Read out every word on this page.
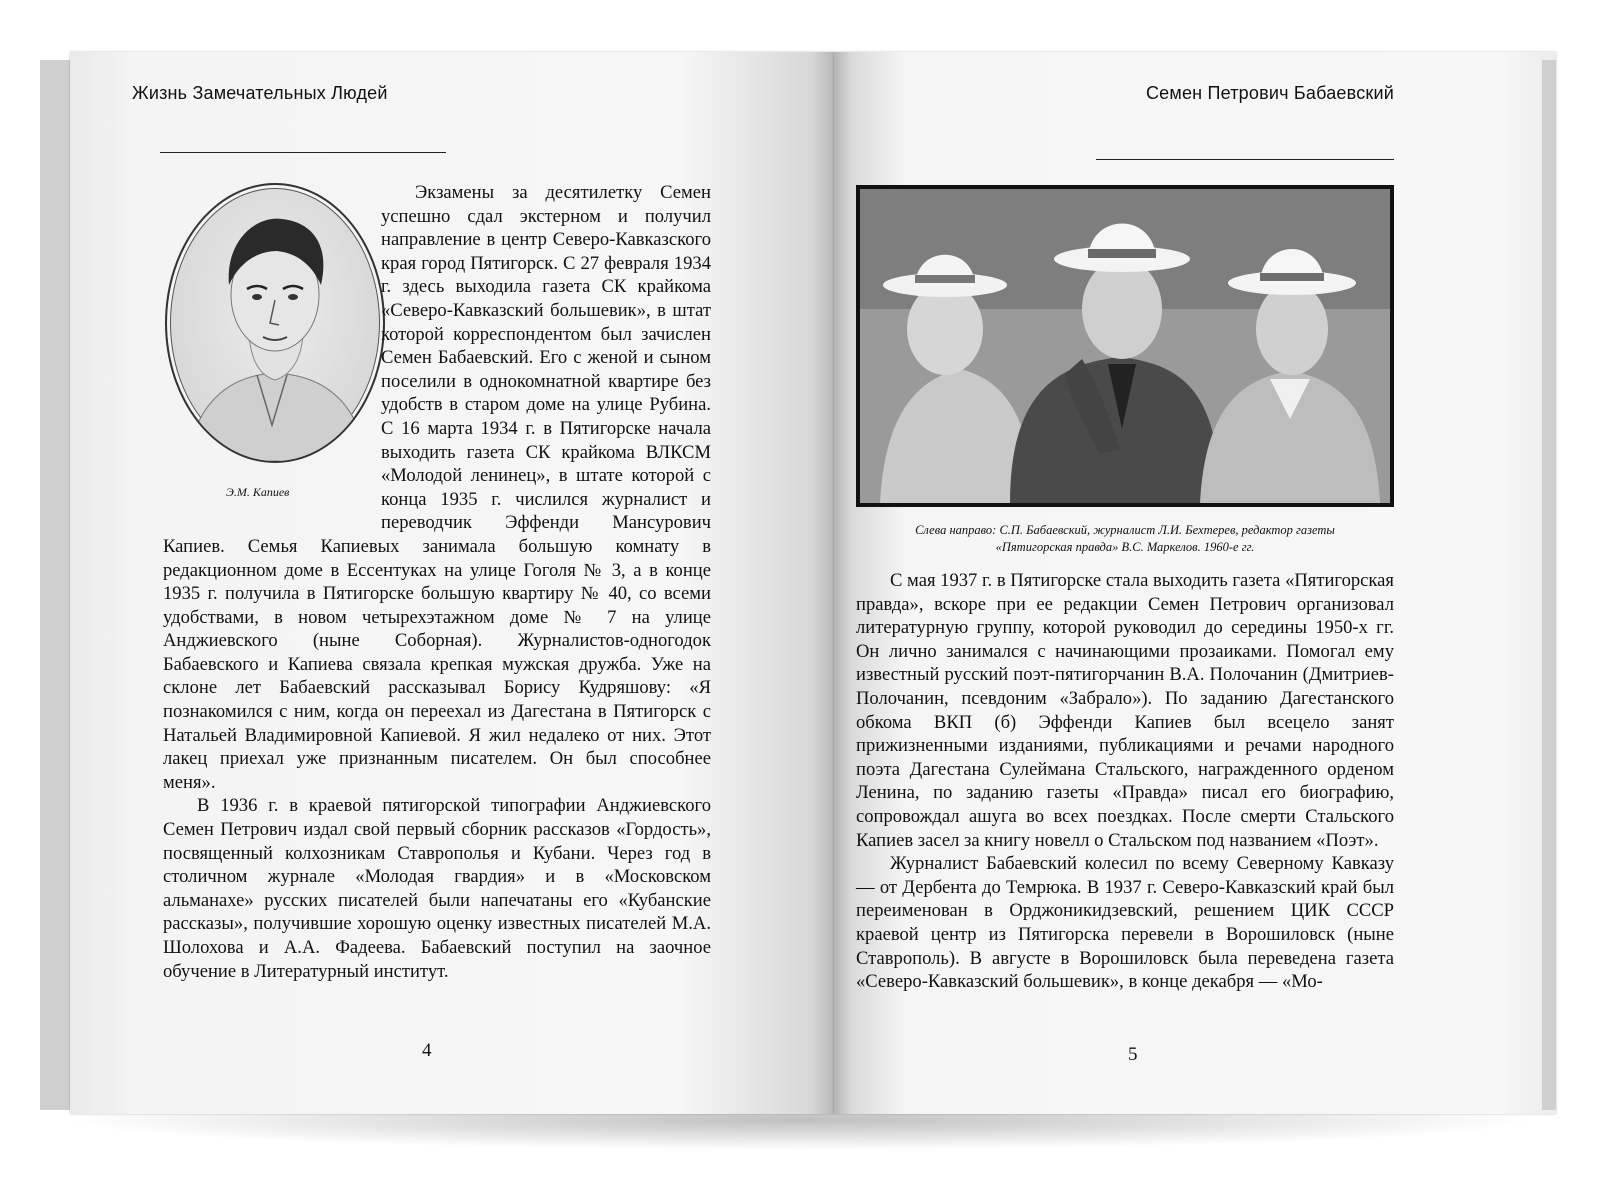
Жизнь Замечательных Людей
Э.М. Капиев

Экзамены за десятилетку Семен успешно сдал экстерном и получил направление в центр Северо-Кавказского края город Пятигорск. С 27 февраля 1934 г. здесь выходила газета СК крайкома «Северо-Кавказский большевик», в штат которой корреспондентом был зачислен Семен Бабаевский. Его с женой и сыном поселили в однокомнатной квартире без удобств в старом доме на улице Рубина. С 16 марта 1934 г. в Пятигорске начала выходить газета СК крайкома ВЛКСМ «Молодой ленинец», в штате которой с конца 1935 г. числился журналист и переводчик Эффенди Мансурович Капиев. Семья Капиевых занимала большую комнату в редакционном доме в Ессентуках на улице Гоголя № 3, а в конце 1935 г. получила в Пятигорске большую квартиру № 40, со всеми удобствами, в новом четырехэтажном доме № 7 на улице Анджиевского (ныне Соборная). Журналистов-одногодок Бабаевского и Капиева связала крепкая мужская дружба. Уже на склоне лет Бабаевский рассказывал Борису Кудряшову: «Я познакомился с ним, когда он переехал из Дагестана в Пятигорск с Натальей Владимировной Капиевой. Я жил недалеко от них. Этот лакец приехал уже признанным писателем. Он был способнее меня».

В 1936 г. в краевой пятигорской типографии Анджиевского Семен Петрович издал свой первый сборник рассказов «Гордость», посвященный колхозникам Ставрополья и Кубани. Через год в столичном журнале «Молодая гвардия» и в «Московском альманахе» русских писателей были напечатаны его «Кубанские рассказы», получившие хорошую оценку известных писателей М.А. Шолохова и А.А. Фадеева. Бабаевский поступил на заочное обучение в Литературный институт.

4
Семен Петрович Бабаевский
Слева направо: С.П. Бабаевский, журналист Л.И. Бехтерев, редактор газеты
«Пятигорская правда» В.С. Маркелов. 1960-е гг.

С мая 1937 г. в Пятигорске стала выходить газета «Пятигорская правда», вскоре при ее редакции Семен Петрович организовал литературную группу, которой руководил до середины 1950-х гг. Он лично занимался с начинающими прозаиками. Помогал ему известный русский поэт-пятигорчанин В.А. Полочанин (Дмитриев-Полочанин, псевдоним «Забрало»). По заданию Дагестанского обкома ВКП (б) Эффенди Капиев был всецело занят прижизненными изданиями, публикациями и речами народного поэта Дагестана Сулеймана Стальского, награжденного орденом Ленина, по заданию газеты «Правда» писал его биографию, сопровождал ашуга во всех поездках. После смерти Стальского Капиев засел за книгу новелл о Стальском под названием «Поэт».

Журналист Бабаевский колесил по всему Северному Кавказу — от Дербента до Темрюка. В 1937 г. Северо-Кавказский край был переименован в Орджоникидзевский, решением ЦИК СССР краевой центр из Пятигорска перевели в Ворошиловск (ныне Ставрополь). В августе в Ворошиловск была переведена газета «Северо-Кавказский большевик», в конце декабря — «Мо-

5
